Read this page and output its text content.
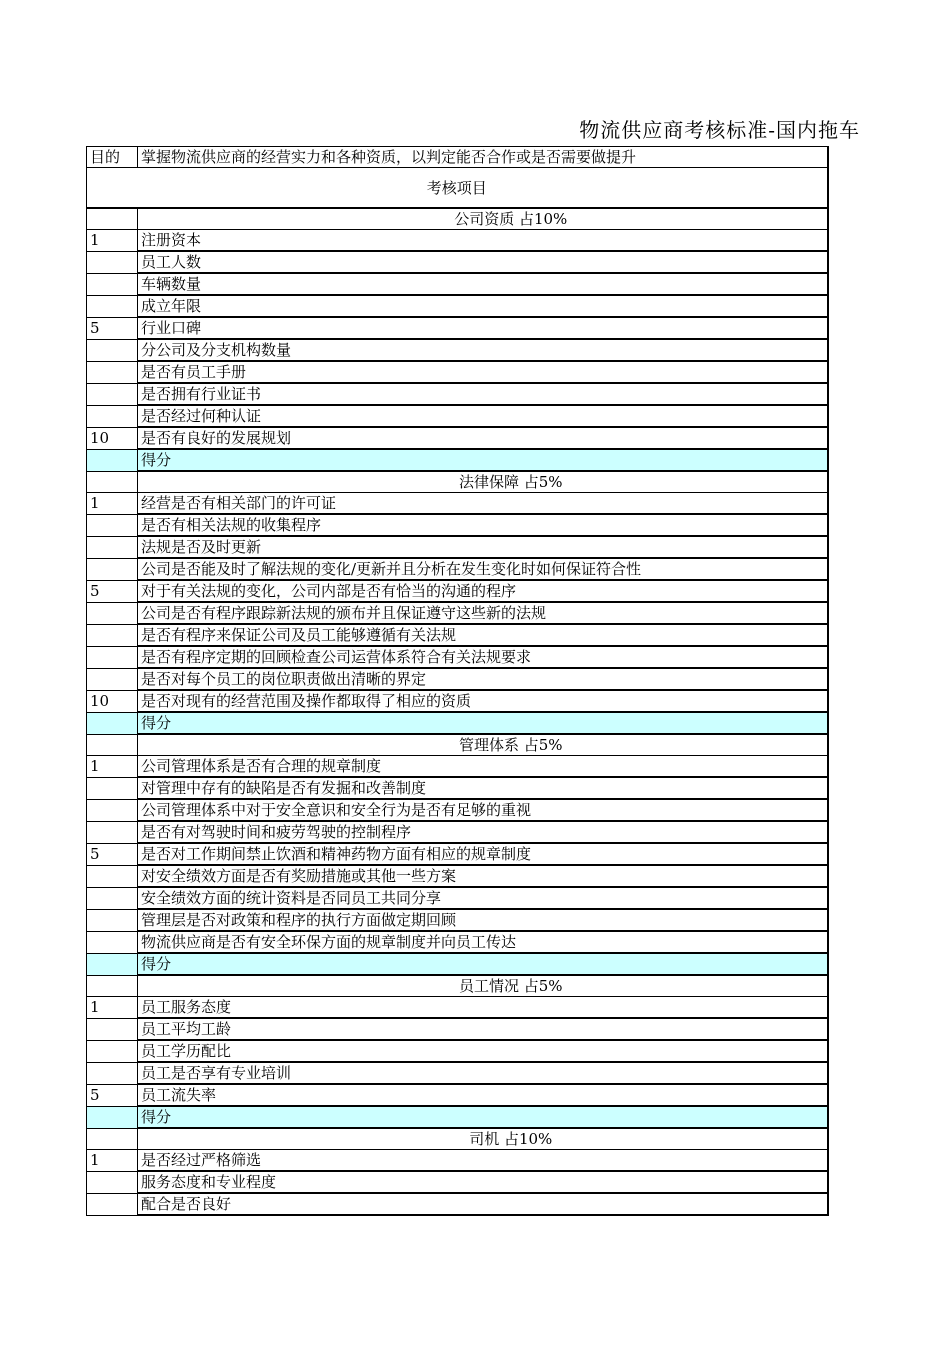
物流供应商考核标准-国内拖车
目的	掌握物流供应商的经营实力和各种资质，以判定能否合作或是否需要做提升
考核项目	
	公司资质 占10%
1	注册资本
	员工人数
	车辆数量
	成立年限
5	行业口碑
	分公司及分支机构数量
	是否有员工手册
	是否拥有行业证书
	是否经过何种认证
10	是否有良好的发展规划
	得分
	法律保障 占5%
1	经营是否有相关部门的许可证
	是否有相关法规的收集程序
	法规是否及时更新
	公司是否能及时了解法规的变化/更新并且分析在发生变化时如何保证符合性
5	对于有关法规的变化，公司内部是否有恰当的沟通的程序
	公司是否有程序跟踪新法规的颁布并且保证遵守这些新的法规
	是否有程序来保证公司及员工能够遵循有关法规
	是否有程序定期的回顾检查公司运营体系符合有关法规要求
	是否对每个员工的岗位职责做出清晰的界定
10	是否对现有的经营范围及操作都取得了相应的资质
	得分
	管理体系 占5%
1	公司管理体系是否有合理的规章制度
	对管理中存有的缺陷是否有发掘和改善制度
	公司管理体系中对于安全意识和安全行为是否有足够的重视
	是否有对驾驶时间和疲劳驾驶的控制程序
5	是否对工作期间禁止饮酒和精神药物方面有相应的规章制度
	对安全绩效方面是否有奖励措施或其他一些方案
	安全绩效方面的统计资料是否同员工共同分享
	管理层是否对政策和程序的执行方面做定期回顾
	物流供应商是否有安全环保方面的规章制度并向员工传达
	得分
	员工情况 占5%
1	员工服务态度
	员工平均工龄
	员工学历配比
	员工是否享有专业培训
5	员工流失率
	得分
	司机 占10%
1	是否经过严格筛选
	服务态度和专业程度
	配合是否良好
